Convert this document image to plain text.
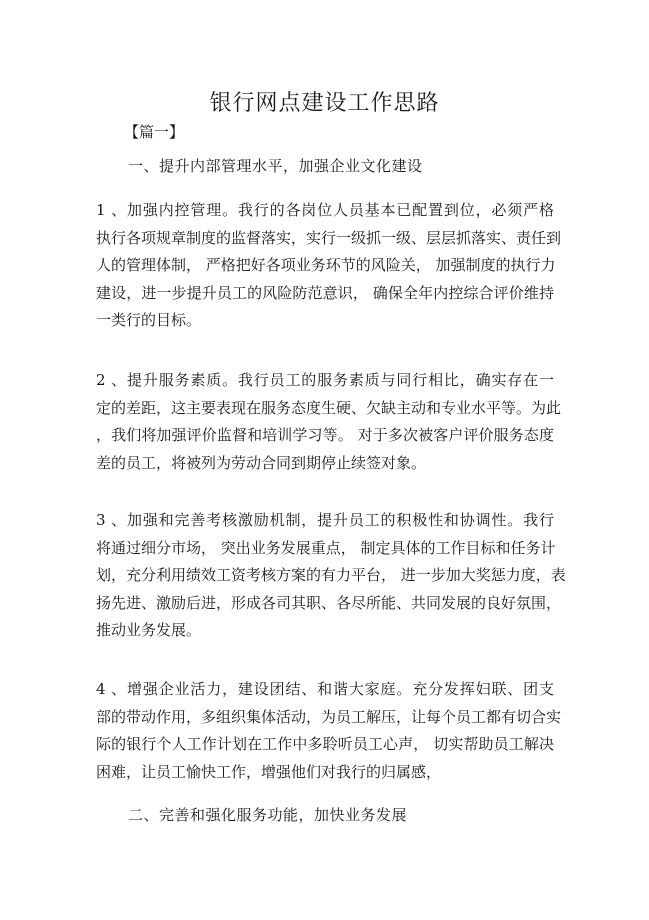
银行网点建设工作思路
【篇一】
一、提升内部管理水平，加强企业文化建设
1 、加强内控管理。我行的各岗位人员基本已配置到位，必须严格
执行各项规章制度的监督落实，实行一级抓一级、层层抓落实、责任到
人的管理体制， 严格把好各项业务环节的风险关， 加强制度的执行力
建设，进一步提升员工的风险防范意识， 确保全年内控综合评价维持
一类行的目标。
2 、提升服务素质。我行员工的服务素质与同行相比，确实存在一
定的差距，这主要表现在服务态度生硬、欠缺主动和专业水平等。为此
，我们将加强评价监督和培训学习等。 对于多次被客户评价服务态度
差的员工，将被列为劳动合同到期停止续签对象。
3 、加强和完善考核激励机制，提升员工的积极性和协调性。我行
将通过细分市场， 突出业务发展重点， 制定具体的工作目标和任务计
划，充分利用绩效工资考核方案的有力平台， 进一步加大奖惩力度，表
扬先进、激励后进，形成各司其职、各尽所能、共同发展的良好氛围，
推动业务发展。
4 、增强企业活力，建设团结、和谐大家庭。充分发挥妇联、团支
部的带动作用，多组织集体活动，为员工解压，让每个员工都有切合实
际的银行个人工作计划在工作中多聆听员工心声， 切实帮助员工解决
困难，让员工愉快工作，增强他们对我行的归属感，
二、完善和强化服务功能，加快业务发展
